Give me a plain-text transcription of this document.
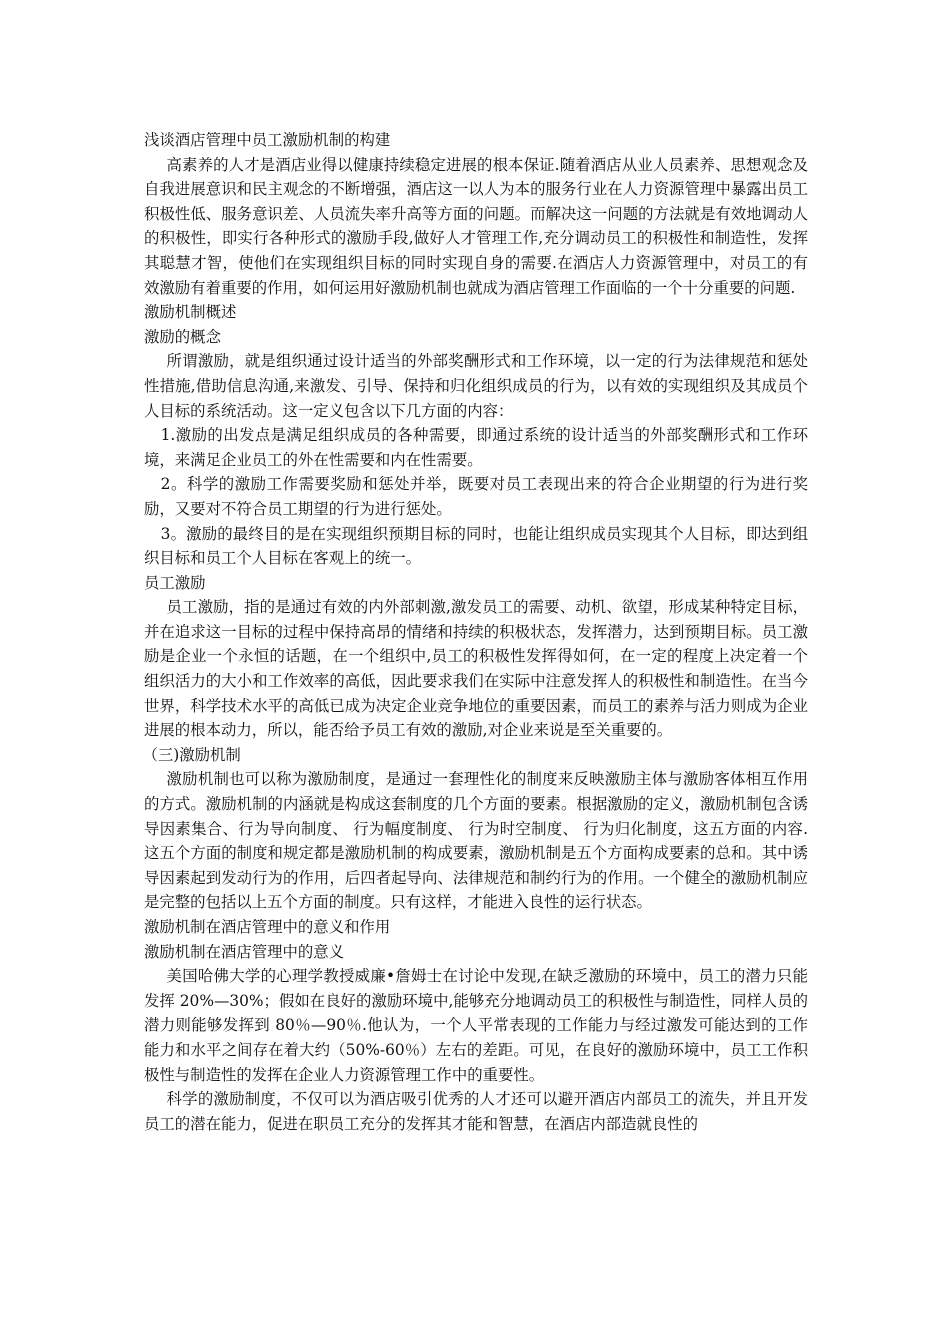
浅谈酒店管理中员工激励机制的构建

高素养的人才是酒店业得以健康持续稳定进展的根本保证.随着酒店从业人员素养、思想观念及自我进展意识和民主观念的不断增强，酒店这一以人为本的服务行业在人力资源管理中暴露出员工积极性低、服务意识差、人员流失率升高等方面的问题。而解决这一问题的方法就是有效地调动人的积极性，即实行各种形式的激励手段,做好人才管理工作,充分调动员工的积极性和制造性，发挥其聪慧才智，使他们在实现组织目标的同时实现自身的需要.在酒店人力资源管理中，对员工的有效激励有着重要的作用，如何运用好激励机制也就成为酒店管理工作面临的一个十分重要的问题.

激励机制概述

激励的概念

所谓激励，就是组织通过设计适当的外部奖酬形式和工作环境，以一定的行为法律规范和惩处性措施,借助信息沟通,来激发、引导、保持和归化组织成员的行为，以有效的实现组织及其成员个人目标的系统活动。这一定义包含以下几方面的内容：

1.激励的出发点是满足组织成员的各种需要，即通过系统的设计适当的外部奖酬形式和工作环境，来满足企业员工的外在性需要和内在性需要。

2。科学的激励工作需要奖励和惩处并举，既要对员工表现出来的符合企业期望的行为进行奖励，又要对不符合员工期望的行为进行惩处。

3。激励的最终目的是在实现组织预期目标的同时，也能让组织成员实现其个人目标，即达到组织目标和员工个人目标在客观上的统一。

员工激励

员工激励，指的是通过有效的内外部刺激,激发员工的需要、动机、欲望，形成某种特定目标，并在追求这一目标的过程中保持高昂的情绪和持续的积极状态，发挥潜力，达到预期目标。员工激励是企业一个永恒的话题，在一个组织中,员工的积极性发挥得如何，在一定的程度上决定着一个组织活力的大小和工作效率的高低，因此要求我们在实际中注意发挥人的积极性和制造性。在当今世界，科学技术水平的高低已成为决定企业竞争地位的重要因素，而员工的素养与活力则成为企业进展的根本动力，所以，能否给予员工有效的激励,对企业来说是至关重要的。

（三)激励机制

激励机制也可以称为激励制度，是通过一套理性化的制度来反映激励主体与激励客体相互作用的方式。激励机制的内涵就是构成这套制度的几个方面的要素。根据激励的定义，激励机制包含诱导因素集合、行为导向制度、 行为幅度制度、 行为时空制度、 行为归化制度，这五方面的内容.这五个方面的制度和规定都是激励机制的构成要素，激励机制是五个方面构成要素的总和。其中诱导因素起到发动行为的作用，后四者起导向、法律规范和制约行为的作用。一个健全的激励机制应是完整的包括以上五个方面的制度。只有这样，才能进入良性的运行状态。

激励机制在酒店管理中的意义和作用

激励机制在酒店管理中的意义

美国哈佛大学的心理学教授威廉•詹姆士在讨论中发现,在缺乏激励的环境中，员工的潜力只能发挥 20%—30%；假如在良好的激励环境中,能够充分地调动员工的积极性与制造性，同样人员的潜力则能够发挥到 80％—90％.他认为，一个人平常表现的工作能力与经过激发可能达到的工作能力和水平之间存在着大约（50%-60％）左右的差距。可见，在良好的激励环境中，员工工作积极性与制造性的发挥在企业人力资源管理工作中的重要性。

科学的激励制度，不仅可以为酒店吸引优秀的人才还可以避开酒店内部员工的流失，并且开发员工的潜在能力，促进在职员工充分的发挥其才能和智慧，在酒店内部造就良性的
